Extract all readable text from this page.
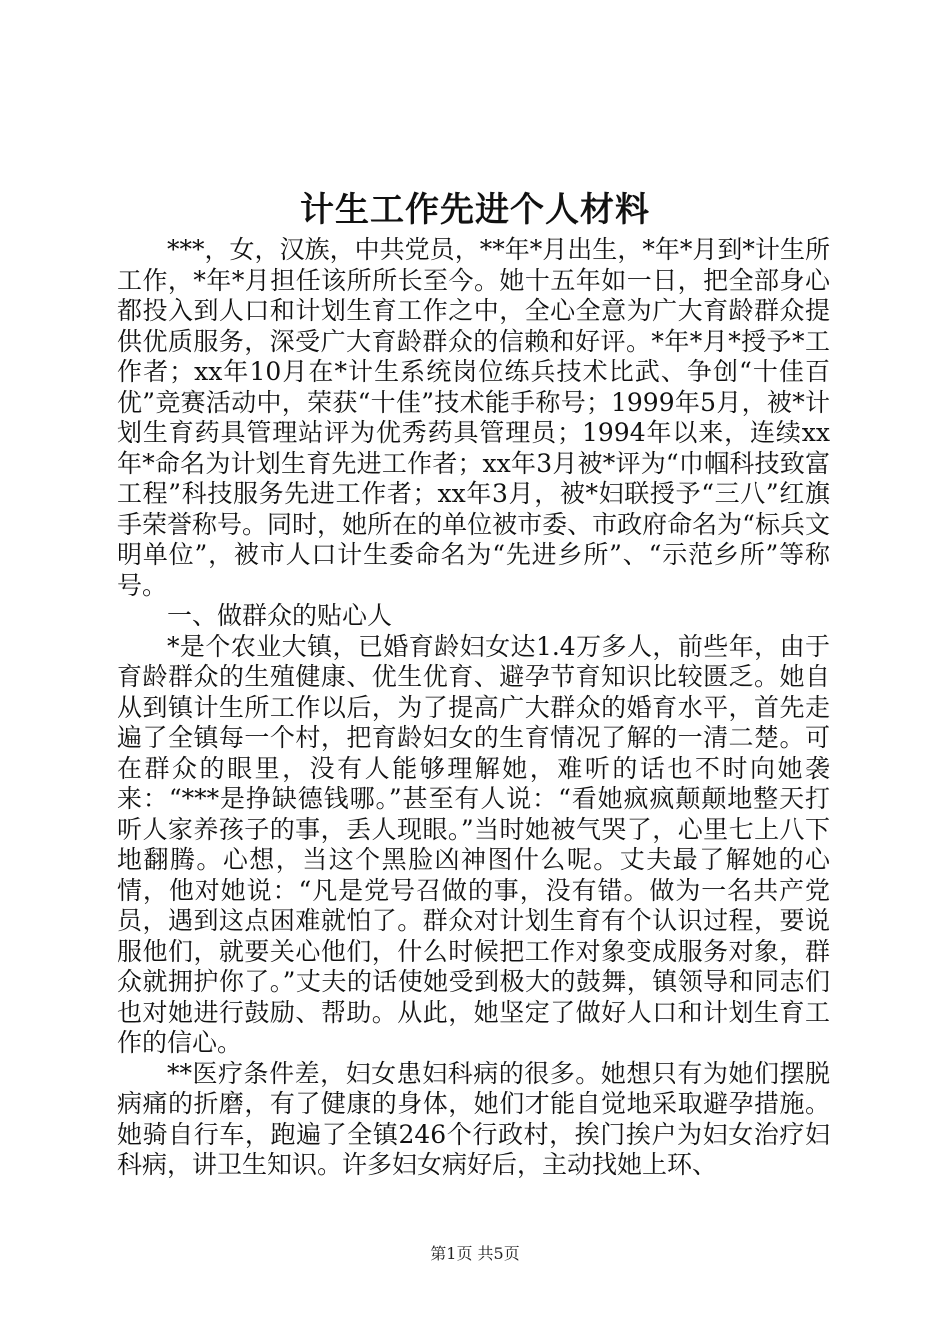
计生工作先进个人材料

***，女，汉族，中共党员，**年*月出生，*年*月到*计生所工作，*年*月担任该所所长至今。她十五年如一日，把全部身心都投入到人口和计划生育工作之中，全心全意为广大育龄群众提供优质服务，深受广大育龄群众的信赖和好评。*年*月*授予*工作者；xx年10月在*计生系统岗位练兵技术比武、争创“十佳百优”竞赛活动中，荣获“十佳”技术能手称号；1999年5月，被*计划生育药具管理站评为优秀药具管理员；1994年以来，连续xx年*命名为计划生育先进工作者；xx年3月被*评为“巾帼科技致富工程”科技服务先进工作者；xx年3月，被*妇联授予“三八”红旗手荣誉称号。同时，她所在的单位被市委、市政府命名为“标兵文明单位”，被市人口计生委命名为“先进乡所”、“示范乡所”等称号。

一、做群众的贴心人

*是个农业大镇，已婚育龄妇女达1.4万多人，前些年，由于育龄群众的生殖健康、优生优育、避孕节育知识比较匮乏。她自从到镇计生所工作以后，为了提高广大群众的婚育水平，首先走遍了全镇每一个村，把育龄妇女的生育情况了解的一清二楚。可在群众的眼里，没有人能够理解她，难听的话也不时向她袭来：“***是挣缺德钱哪。”甚至有人说：“看她疯疯颠颠地整天打听人家养孩子的事，丢人现眼。”当时她被气哭了，心里七上八下地翻腾。心想，当这个黑脸凶神图什么呢。丈夫最了解她的心情，他对她说：“凡是党号召做的事，没有错。做为一名共产党员，遇到这点困难就怕了。群众对计划生育有个认识过程，要说服他们，就要关心他们，什么时候把工作对象变成服务对象，群众就拥护你了。”丈夫的话使她受到极大的鼓舞，镇领导和同志们也对她进行鼓励、帮助。从此，她坚定了做好人口和计划生育工作的信心。

**医疗条件差，妇女患妇科病的很多。她想只有为她们摆脱病痛的折磨，有了健康的身体，她们才能自觉地采取避孕措施。她骑自行车，跑遍了全镇246个行政村，挨门挨户为妇女治疗妇科病，讲卫生知识。许多妇女病好后，主动找她上环、

第1页 共5页
